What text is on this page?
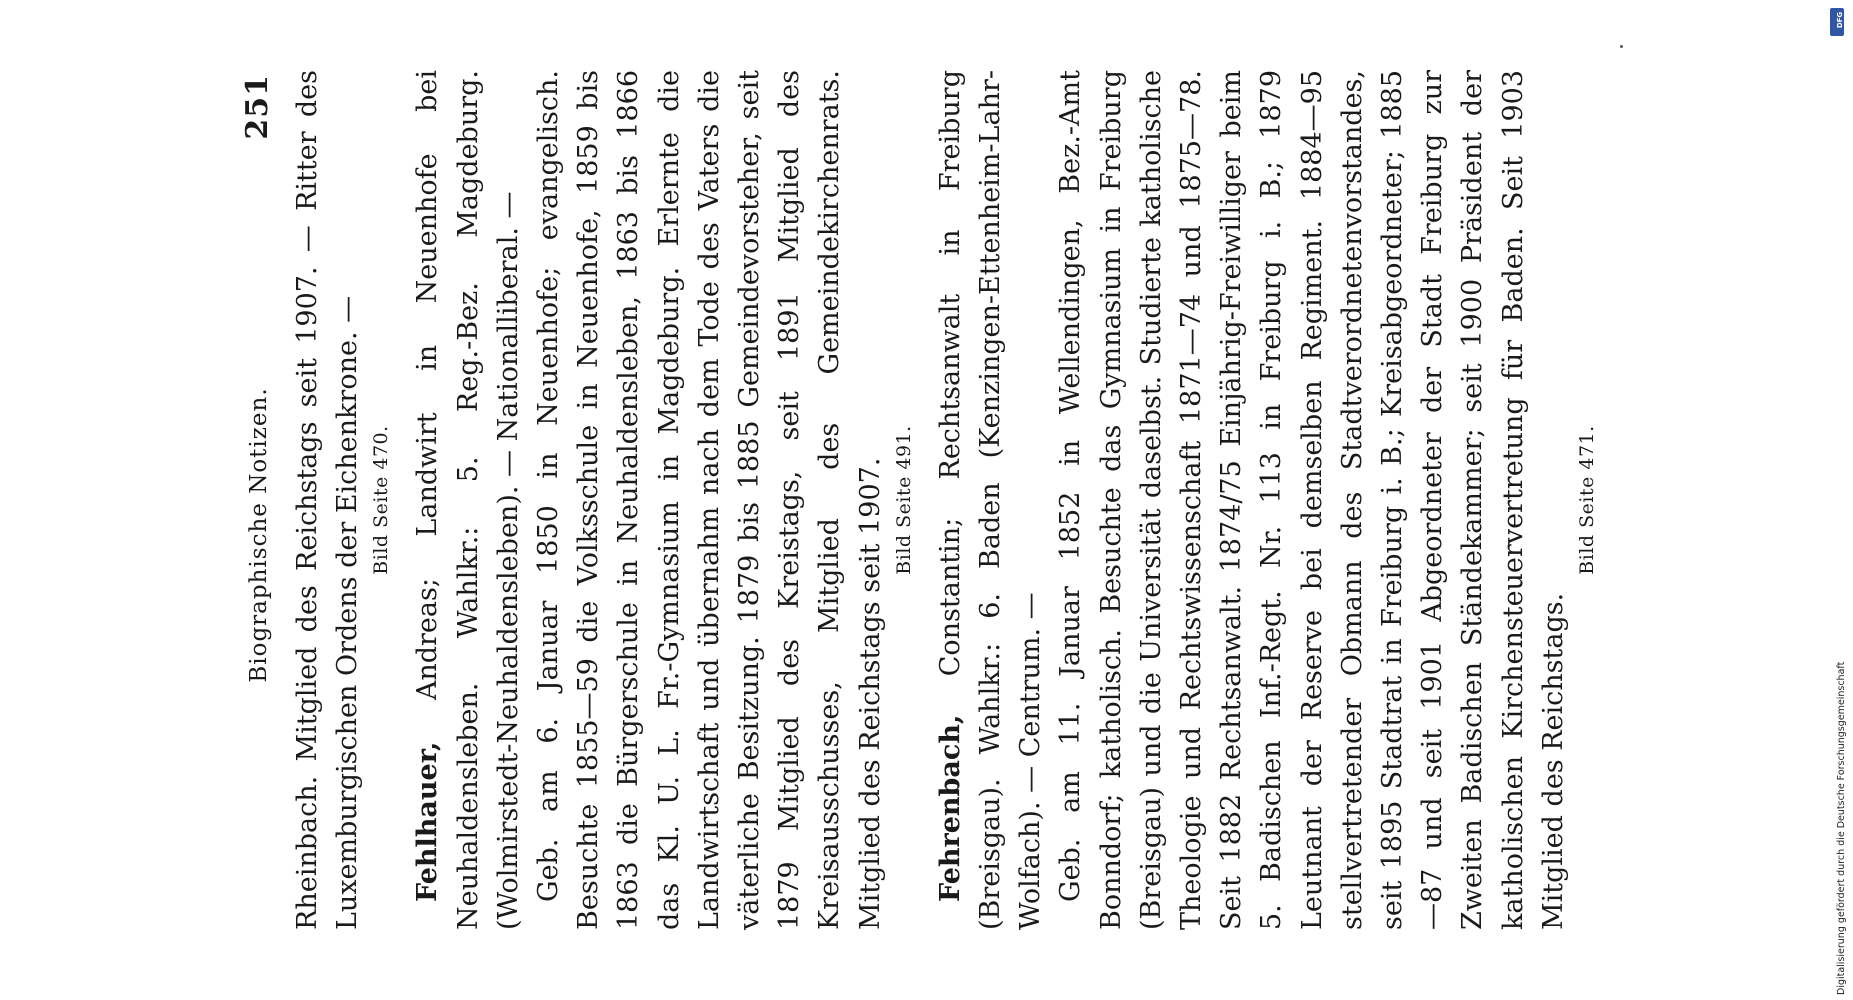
Biographische Notizen.
251 Rheinbach. Mitglied des Reichstags seit 1907. — Ritter des Luxemburgischen Ordens der Eichenkrone. — Bild Seite 470.

Fehlhauer, Andreas; Landwirt in Neuenhofe bei Neuhaldensleben. Wahlkr.: 5. Reg.-Bez. Magdeburg. (Wolmirstedt-Neuhaldensleben). — Nationalliberal. — Geb. am 6. Januar 1850 in Neuenhofe; evangelisch. Besuchte 1855—59 die Volksschule in Neuenhofe, 1859 bis 1863 die Bürgerschule in Neuhaldensleben, 1863 bis 1866 das Kl. U. L. Fr.-Gymnasium in Magdeburg. Erlernte die Landwirtschaft und übernahm nach dem Tode des Vaters die väterliche Besitzung. 1879 bis 1885 Gemeindevorsteher, seit 1879 Mitglied des Kreistags, seit 1891 Mitglied des Kreisausschusses, Mitglied des Gemeindekirchenrats. Mitglied des Reichstags seit 1907. Bild Seite 491.

Fehrenbach, Constantin; Rechtsanwalt in Freiburg (Breisgau). Wahlkr.: 6. Baden (Kenzingen-Ettenheim-Lahr-Wolfach). — Centrum. — Geb. am 11. Januar 1852 in Wellendingen, Bez.-Amt Bonndorf; katholisch. Besuchte das Gymnasium in Freiburg (Breisgau) und die Universität daselbst. Studierte katholische Theologie und Rechtswissenschaft 1871—74 und 1875—78. Seit 1882 Rechtsanwalt. 1874/75 Einjährig-Freiwilliger beim 5. Badischen Inf.-Regt. Nr. 113 in Freiburg i. B.; 1879 Leutnant der Reserve bei demselben Regiment. 1884—95 stellvertretender Obmann des Stadtverordnetenvorstandes, seit 1895 Stadtrat in Freiburg i. B.; Kreisabgeordneter; 1885—87 und seit 1901 Abgeordneter der Stadt Freiburg zur Zweiten Badischen Ständekammer; seit 1900 Präsident der katholischen Kirchensteuervertretung für Baden. Seit 1903 Mitglied des Reichstags.

Bild Seite 471.
DFG
Digitalisierung gefördert durch die Deutsche Forschungsgemeinschaft
